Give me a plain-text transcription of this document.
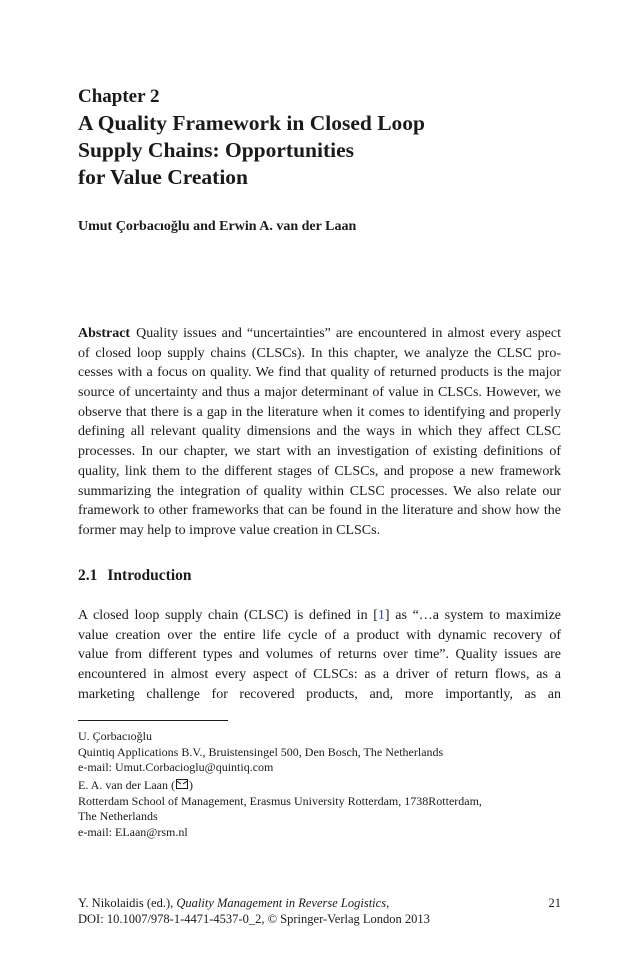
Chapter 2
A Quality Framework in Closed Loop
Supply Chains: Opportunities
for Value Creation
Umut Çorbacıoğlu and Erwin A. van der Laan
Abstract Quality issues and “uncertainties” are encountered in almost every aspect
of closed loop supply chains (CLSCs). In this chapter, we analyze the CLSC pro-
cesses with a focus on quality. We find that quality of returned products is the major
source of uncertainty and thus a major determinant of value in CLSCs. However, we
observe that there is a gap in the literature when it comes to identifying and properly
defining all relevant quality dimensions and the ways in which they affect CLSC
processes. In our chapter, we start with an investigation of existing definitions of
quality, link them to the different stages of CLSCs, and propose a new framework
summarizing the integration of quality within CLSC processes. We also relate our
framework to other frameworks that can be found in the literature and show how the
former may help to improve value creation in CLSCs.
2.1 Introduction
A closed loop supply chain (CLSC) is defined in [1] as “…a system to maximize
value creation over the entire life cycle of a product with dynamic recovery of
value from different types and volumes of returns over time”. Quality issues are
encountered in almost every aspect of CLSCs: as a driver of return flows, as a
marketing challenge for recovered products, and, more importantly, as an
U. Çorbacıoğlu
Quintiq Applications B.V., Bruistensingel 500, Den Bosch, The Netherlands
e-mail: Umut.Corbacioglu@quintiq.com
E. A. van der Laan ( )
Rotterdam School of Management, Erasmus University Rotterdam, 1738Rotterdam,
The Netherlands
e-mail: ELaan@rsm.nl
Y. Nikolaidis (ed.), Quality Management in Reverse Logistics,	21
DOI: 10.1007/978-1-4471-4537-0_2, © Springer-Verlag London 2013
